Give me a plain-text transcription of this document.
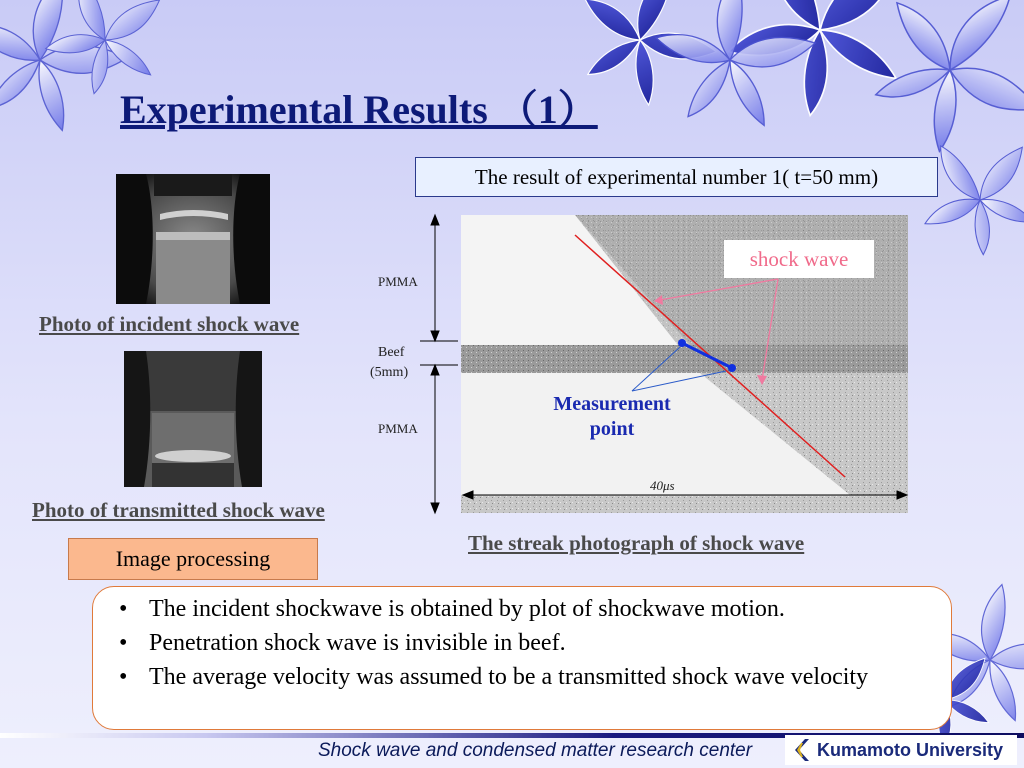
Experimental Results （1）
The result of experimental number 1( t=50 mm)
Photo of incident shock wave
Photo of transmitted shock wave
Image processing
PMMA
Beef
(5mm)
PMMA
shock wave
Measurement point
40μs
The streak photograph of shock wave
• The incident shockwave is obtained by plot of shockwave motion.
• Penetration shock wave is invisible in beef.
• The average velocity was assumed to be a transmitted shock wave velocity
Shock wave and condensed matter research center	Kumamoto University
